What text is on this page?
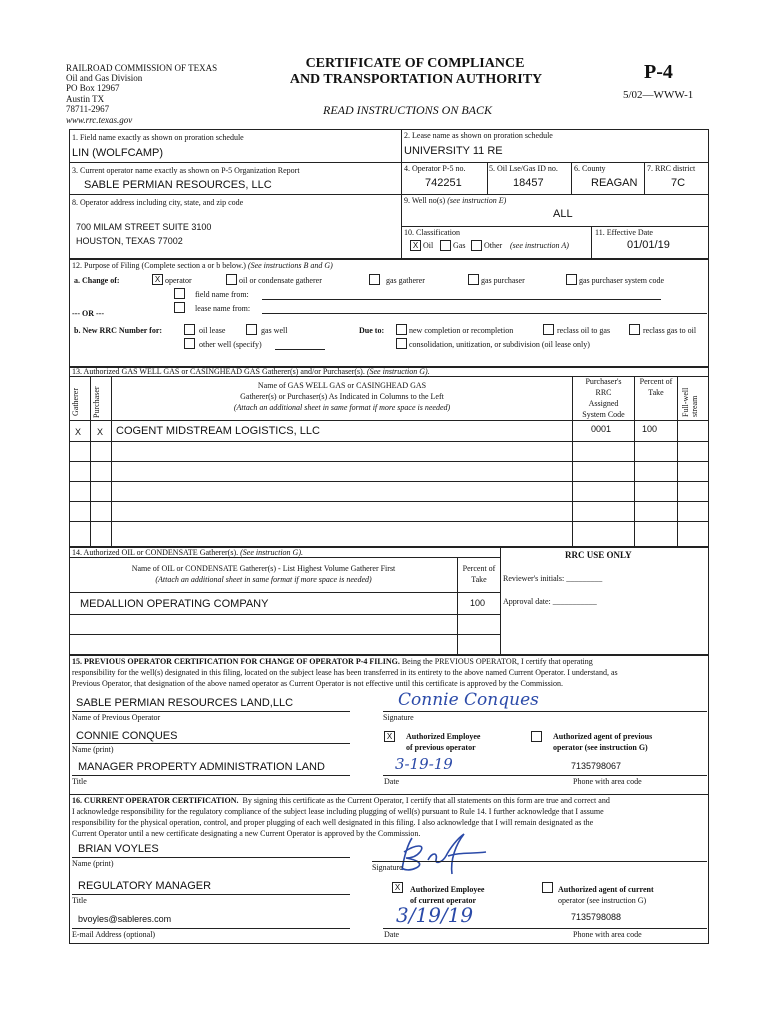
RAILROAD COMMISSION OF TEXAS
Oil and Gas Division
PO Box 12967
Austin TX
78711-2967
www.rrc.texas.gov
CERTIFICATE OF COMPLIANCE
AND TRANSPORTATION AUTHORITY
READ INSTRUCTIONS ON BACK
P-4
5/02—WWW-1
1. Field name exactly as shown on proration schedule
LIN (WOLFCAMP)
2. Lease name as shown on proration schedule
UNIVERSITY 11 RE
3. Current operator name exactly as shown on P-5 Organization Report
SABLE PERMIAN RESOURCES, LLC
4. Operator P-5 no.
742251
5. Oil Lse/Gas ID no.
18457
6. County
REAGAN
7. RRC district
7C
8. Operator address including city, state, and zip code
700 MILAM STREET SUITE 3100
HOUSTON, TEXAS 77002
9. Well no(s) (see instruction E)
ALL
10. Classification
X Oil Gas Other (see instruction A)
11. Effective Date
01/01/19
12. Purpose of Filing (Complete section a or b below.) (See instructions B and G)
a. Change of:	X operator	oil or condensate gatherer	gas gatherer	gas purchaser	gas purchaser system code
field name from:
lease name from:
--- OR ---
b. New RRC Number for:	oil lease	gas well
other well (specify)
Due to:	new completion or recompletion	reclass oil to gas	reclass gas to oil
consolidation, unitization, or subdivision (oil lease only)
13. Authorized GAS WELL GAS or CASINGHEAD GAS Gatherer(s) and/or Purchaser(s). (See instruction G).
Gatherer Purchaser
Name of GAS WELL GAS or CASINGHEAD GAS
Gatherer(s) or Purchaser(s) As Indicated in Columns to the Left
(Attach an additional sheet in same format if more space is needed)
Purchaser's
RRC
Assigned
System Code
Percent of
Take	Full-well stream
X X COGENT MIDSTREAM LOGISTICS, LLC	0001	100
14. Authorized OIL or CONDENSATE Gatherer(s). (See instruction G).
Name of OIL or CONDENSATE Gatherer(s) - List Highest Volume Gatherer First
(Attach an additional sheet in same format if more space is needed)
Percent of
Take
MEDALLION OPERATING COMPANY	100
RRC USE ONLY
Reviewer's initials: _________
Approval date: ___________
15. PREVIOUS OPERATOR CERTIFICATION FOR CHANGE OF OPERATOR P-4 FILING. Being the PREVIOUS OPERATOR, I certify that operating
responsibility for the well(s) designated in this filing, located on the subject lease has been transferred in its entirety to the above named Current Operator. I understand, as
Previous Operator, that designation of the above named operator as Current Operator is not effective until this certificate is approved by the Commission.
SABLE PERMIAN RESOURCES LAND,LLC
Name of Previous Operator
Connie Conques
Signature
CONNIE CONQUES
Name (print)
X	Authorized Employee
of previous operator
Authorized agent of previous
operator (see instruction G)
MANAGER PROPERTY ADMINISTRATION LAND
Title
3-19-19
Date
7135798067
Phone with area code
16. CURRENT OPERATOR CERTIFICATION. By signing this certificate as the Current Operator, I certify that all statements on this form are true and correct and
I acknowledge responsibility for the regulatory compliance of the subject lease including plugging of well(s) pursuant to Rule 14. I further acknowledge that I assume
responsibility for the physical operation, control, and proper plugging of each well designated in this filing. I also acknowledge that I will remain designated as the
Current Operator until a new certificate designating a new Current Operator is approved by the Commission.
BRIAN VOYLES
Name (print)	Signature
REGULATORY MANAGER
Title
X	Authorized Employee
of current operator
Authorized agent of current
operator (see instruction G)
bvoyles@sableres.com
E-mail Address (optional)
3/19/19
Date
7135798088
Phone with area code
